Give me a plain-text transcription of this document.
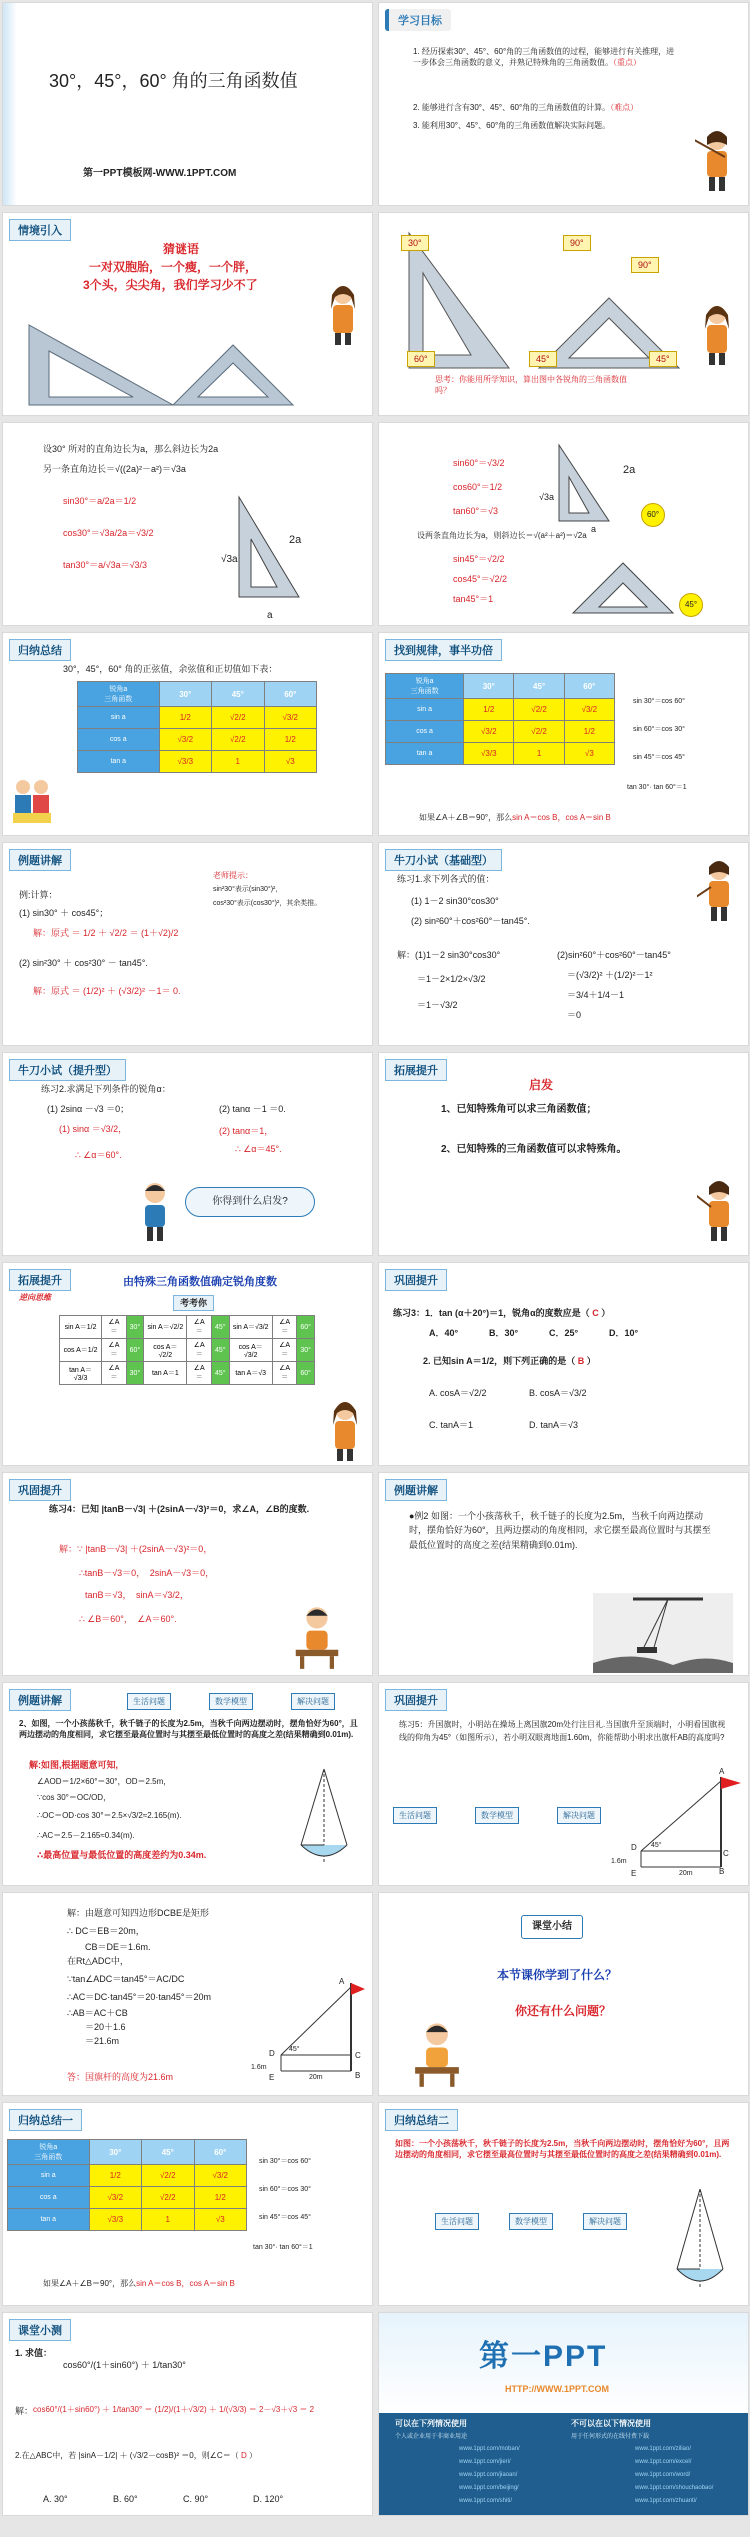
30°，45°，60° 角的三角函数值
第一PPT模板网-WWW.1PPT.COM
学习目标
1. 经历探索30°、45°、60°角的三角函数值的过程，能够进行有关推理，进一步体会三角函数的意义，并熟记特殊角的三角函数值。（重点）
2. 能够进行含有30°、45°、60°角的三角函数值的计算。（难点）
3. 能利用30°、45°、60°角的三角函数值解决实际问题。
情境引入
猜谜语
一对双胞胎，一个瘦，一个胖，
3个头，尖尖角，我们学习少不了
30°	90°
60°	45°	45°
90°
思考：你能用所学知识，算出图中各锐角的三角函数值吗？
设30° 所对的直角边长为a，那么斜边长为2a
另一条直角边长＝√((2a)²－a²)＝√3a
sin30°＝a/2a＝1/2
cos30°＝√3a/2a＝√3/2
tan30°＝a/√3a＝√3/3
2a
√3a
a
sin60°＝√3/2
cos60°＝1/2
tan60°＝√3
设两条直角边长为a，则斜边长＝√(a²＋a²)＝√2a
sin45°＝√2/2
cos45°＝√2/2
tan45°＝1
2a
√3a
a
60°
45°
归纳总结
30°，45°，60° 角的正弦值，余弦值和正切值如下表：
锐角a
三角函数	30°	45°	60°
sin a	1/2	√2/2	√3/2
cos a	√3/2	√2/2	1/2
tan a	√3/3	1	√3
找到规律，事半功倍
锐角a
三角函数	30°	45°	60°
sin a	1/2	√2/2	√3/2
cos a	√3/2	√2/2	1/2
tan a	√3/3	1	√3
sin 30°＝cos 60°
sin 60°＝cos 30°
sin 45°＝cos 45°
tan 30°· tan 60°＝1
如果∠A＋∠B＝90°，那么sin A＝cos B，cos A＝sin B
例题讲解
老师提示：
sin²30°表示(sin30°)²，
cos²30°表示(cos30°)²，其余类推。
例:计算：
(1) sin30° ＋ cos45°；
解：原式 ＝ 1/2 ＋ √2/2 ＝ (1＋√2)/2
(2) sin²30° ＋ cos²30° － tan45°.
解：原式 ＝ (1/2)² ＋ (√3/2)² －1＝ 0.
牛刀小试（基础型）
练习1.求下列各式的值：
(1) 1－2 sin30°cos30°
(2) sin²60°＋cos²60°－tan45°.
解：(1)1－2 sin30°cos30°
＝1－2×1/2×√3/2
＝1－√3/2
(2)sin²60°＋cos²60°－tan45°
＝(√3/2)² ＋(1/2)²－1²
＝3/4＋1/4－1
＝0
牛刀小试（提升型）
练习2.求满足下列条件的锐角α：
(1) 2sinα －√3 ＝0；	(2) tanα －1 ＝0.
(1) sinα ＝√3/2，
∴ ∠α＝60°.
(2) tanα＝1，
∴ ∠α＝45°.
你得到什么启发?
拓展提升
启发
1、已知特殊角可以求三角函数值；
2、已知特殊的三角函数值可以求特殊角。
拓展提升	由特殊三角函数值确定锐角度数
考考你
逆向思维
sin A＝1/2	∠A＝	30°	sin A＝√2/2	∠A＝	45°	sin A＝√3/2	∠A＝	60°
cos A＝1/2	∠A＝	60°	cos A＝√2/2	∠A＝	45°	cos A＝√3/2	∠A＝	30°
tan A＝√3/3	∠A＝	30°	tan A＝1	∠A＝	45°	tan A＝√3	∠A＝	60°
巩固提升
练习3：1．tan (α＋20°)＝1，锐角α的度数应是（ C ）
A．40°	B．30°	C．25°	D．10°
2. 已知sin A＝1/2，则下列正确的是（ B ）
A. cosA＝√2/2	B. cosA＝√3/2
C. tanA＝1	D. tanA＝√3
巩固提升
练习4：已知 |tanB－√3| ＋(2sinA－√3)²＝0，求∠A，∠B的度数.
解：∵ |tanB－√3| ＋(2sinA－√3)²＝0，
∴tanB－√3＝0，　2sinA－√3＝0，
tanB＝√3，　sinA＝√3/2，
∴ ∠B＝60°，　∠A＝60°.
例题讲解
●例2 如图：一个小孩荡秋千，秋千链子的长度为2.5m，当秋千向两边摆动时，摆角恰好为60°，且两边摆动的角度相同，求它摆至最高位置时与其摆至最低位置时的高度之差(结果精确到0.01m).
例题讲解	生活问题	数学模型	解决问题
2、如图，一个小孩荡秋千，秋千链子的长度为2.5m，当秋千向两边摆动时，摆角恰好为60°，且两边摆动的角度相同，求它摆至最高位置时与其摆至最低位置时的高度之差(结果精确到0.01m).
解:如图,根据题意可知,
∠AOD＝1/2×60°＝30°，OD＝2.5m，
∵cos 30°＝OC/OD，
∴OC＝OD·cos 30°＝2.5×√3/2≈2.165(m).
∴AC＝2.5－2.165≈0.34(m).
∴最高位置与最低位置的高度差约为0.34m.
巩固提升
练习5：升国旗时，小明站在操场上离国旗20m处行注目礼.当国旗升至顶端时，小明看国旗视线的仰角为45°（如图所示），若小明双眼离地面1.60m，你能帮助小明求出旗杆AB的高度吗?
生活问题	数学模型	解决问题
A
B
C
D
E
45°
20m
1.6m
解：由题意可知四边形DCBE是矩形
∴ DC＝EB＝20m，
CB＝DE＝1.6m.
在Rt△ADC中，
∵tan∠ADC＝tan45°＝AC/DC
∴AC＝DC·tan45°＝20·tan45°＝20m
∴AB＝AC＋CB
＝20＋1.6
＝21.6m
答：国旗杆的高度为21.6m
A
B
C
D
E
45°
20m
1.6m
课堂小结
本节课你学到了什么？
你还有什么问题？
归纳总结一
锐角a
三角函数	30°	45°	60°
sin a	1/2	√2/2	√3/2
cos a	√3/2	√2/2	1/2
tan a	√3/3	1	√3
sin 30°＝cos 60°
sin 60°＝cos 30°
sin 45°＝cos 45°
tan 30°· tan 60°＝1
如果∠A＋∠B＝90°，那么sin A＝cos B，cos A＝sin B
归纳总结二
如图：一个小孩荡秋千，秋千链子的长度为2.5m，当秋千向两边摆动时，摆角恰好为60°，且两边摆动的角度相同，求它摆至最高位置时与其摆至最低位置时的高度之差(结果精确到0.01m).
生活问题	数学模型	解决问题
课堂小测
1. 求值：
cos60°/(1＋sin60°) ＋ 1/tan30°
解： cos60°/(1＋sin60°) ＋ 1/tan30° ＝ (1/2)/(1＋√3/2) ＋ 1/(√3/3) ＝ 2－√3＋√3 ＝ 2
2.在△ABC中，若 |sinA－1/2| ＋ (√3/2－cosB)² ＝0，则∠C＝（ D ）
A. 30°	B. 60°	C. 90°	D. 120°
第一PPT
HTTP://WWW.1PPT.COM
可以在下列情况使用	不可以在以下情况使用
个人或企业用于非商业用途	用于任何形式的在线付费下载
www.1ppt.com/moban/
www.1ppt.com/jieri/
www.1ppt.com/jiaoan/
www.1ppt.com/beijing/
www.1ppt.com/shiti/
www.1ppt.com/ziliao/
www.1ppt.com/excel/
www.1ppt.com/word/
www.1ppt.com/shouchaobao/
www.1ppt.com/zhuanti/
